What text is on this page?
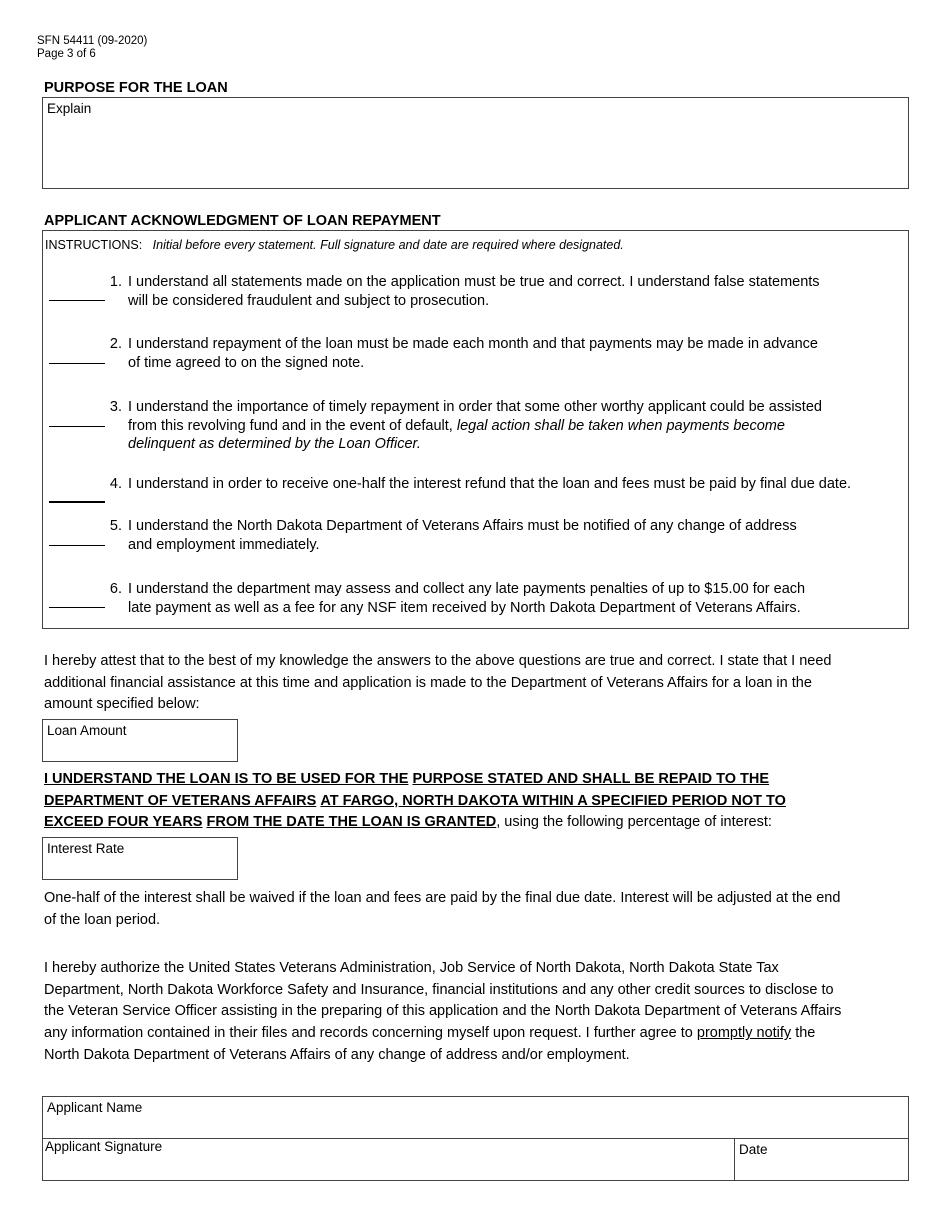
SFN 54411 (09-2020)
Page 3 of 6
PURPOSE FOR THE LOAN
Explain
APPLICANT ACKNOWLEDGMENT OF LOAN REPAYMENT
INSTRUCTIONS: Initial before every statement. Full signature and date are required where designated.
1. I understand all statements made on the application must be true and correct. I understand false statements
will be considered fraudulent and subject to prosecution.
2. I understand repayment of the loan must be made each month and that payments may be made in advance
of time agreed to on the signed note.
3. I understand the importance of timely repayment in order that some other worthy applicant could be assisted
from this revolving fund and in the event of default, legal action shall be taken when payments become
delinquent as determined by the Loan Officer.
4. I understand in order to receive one-half the interest refund that the loan and fees must be paid by final due date.
5. I understand the North Dakota Department of Veterans Affairs must be notified of any change of address
and employment immediately.
6. I understand the department may assess and collect any late payments penalties of up to $15.00 for each
late payment as well as a fee for any NSF item received by North Dakota Department of Veterans Affairs.
I hereby attest that to the best of my knowledge the answers to the above questions are true and correct. I state that I need
additional financial assistance at this time and application is made to the Department of Veterans Affairs for a loan in the
amount specified below:
Loan Amount
I UNDERSTAND THE LOAN IS TO BE USED FOR THE PURPOSE STATED AND SHALL BE REPAID TO THE
DEPARTMENT OF VETERANS AFFAIRS AT FARGO, NORTH DAKOTA WITHIN A SPECIFIED PERIOD NOT TO
EXCEED FOUR YEARS FROM THE DATE THE LOAN IS GRANTED, using the following percentage of interest:
Interest Rate
One-half of the interest shall be waived if the loan and fees are paid by the final due date. Interest will be adjusted at the end
of the loan period.
I hereby authorize the United States Veterans Administration, Job Service of North Dakota, North Dakota State Tax
Department, North Dakota Workforce Safety and Insurance, financial institutions and any other credit sources to disclose to
the Veteran Service Officer assisting in the preparing of this application and the North Dakota Department of Veterans Affairs
any information contained in their files and records concerning myself upon request. I further agree to promptly notify the
North Dakota Department of Veterans Affairs of any change of address and/or employment.
Applicant Name
Applicant Signature	Date
